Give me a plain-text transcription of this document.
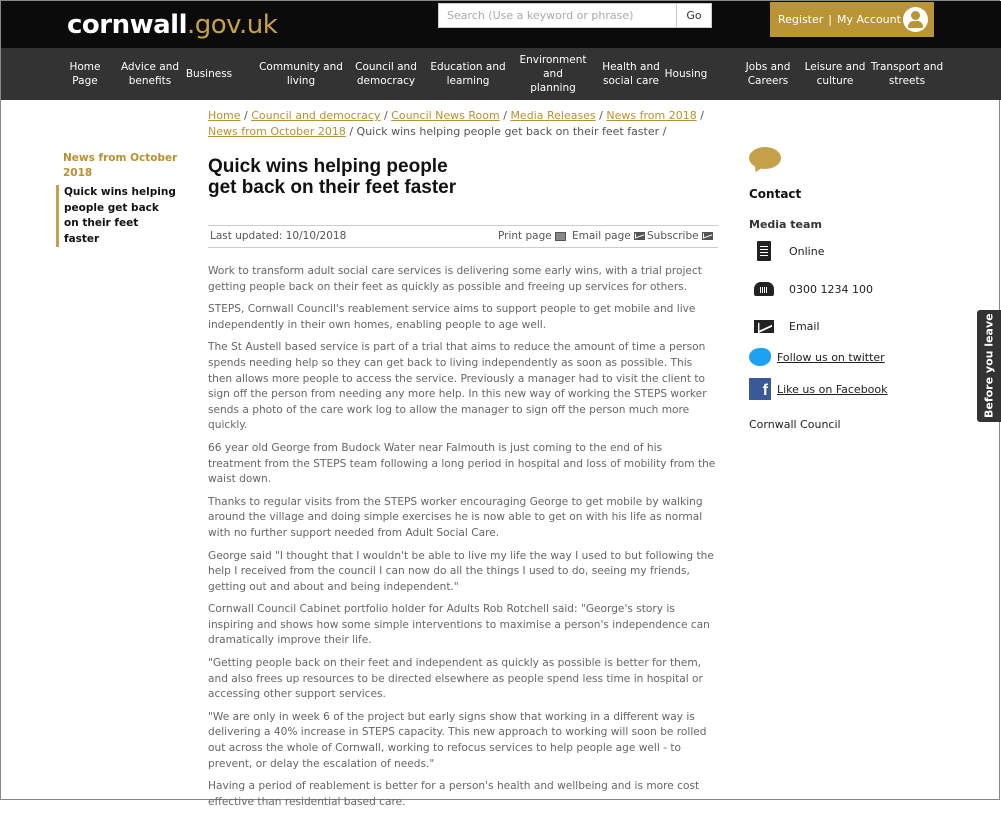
cornwall.gov.uk
Search (Use a keyword or phrase)	Go	Register | My Account
Home
Page
Advice and
benefits
Business
Community and
living
Council and
democracy
Education and
learning
Environment and
planning
Health and
social care
Housing
Jobs and
Careers
Leisure and
culture
Transport and
streets
Home / Council and democracy / Council News Room / Media Releases / News from 2018 / News from October 2018 / Quick wins helping people get back on their feet faster /
News from October 2018
Quick wins helping people get back on their feet faster
Quick wins helping people get back on their feet faster
Last updated: 10/10/2018	Print page Email page Subscribe

Work to transform adult social care services is delivering some early wins, with a trial project getting people back on their feet as quickly as possible and freeing up services for others.

STEPS, Cornwall Council's reablement service aims to support people to get mobile and live independently in their own homes, enabling people to age well.

The St Austell based service is part of a trial that aims to reduce the amount of time a person spends needing help so they can get back to living independently as soon as possible. This then allows more people to access the service. Previously a manager had to visit the client to sign off the person from needing any more help. In this new way of working the STEPS worker sends a photo of the care work log to allow the manager to sign off the person much more quickly.

66 year old George from Budock Water near Falmouth is just coming to the end of his treatment from the STEPS team following a long period in hospital and loss of mobility from the waist down.

Thanks to regular visits from the STEPS worker encouraging George to get mobile by walking around the village and doing simple exercises he is now able to get on with his life as normal with no further support needed from Adult Social Care.

George said "I thought that I wouldn't be able to live my life the way I used to but following the help I received from the council I can now do all the things I used to do, seeing my friends, getting out and about and being independent."

Cornwall Council Cabinet portfolio holder for Adults Rob Rotchell said: "George's story is inspiring and shows how some simple interventions to maximise a person's independence can dramatically improve their life.

"Getting people back on their feet and independent as quickly as possible is better for them, and also frees up resources to be directed elsewhere as people spend less time in hospital or accessing other support services.

"We are only in week 6 of the project but early signs show that working in a different way is delivering a 40% increase in STEPS capacity. This new approach to working will soon be rolled out across the whole of Cornwall, working to refocus services to help people age well - to prevent, or delay the escalation of needs."

Having a period of reablement is better for a person's health and wellbeing and is more cost effective than residential based care.

Contact
Media team
Online
0300 1234 100
Email
Follow us on twitter
f Like us on Facebook
Cornwall Council
Before you leave
